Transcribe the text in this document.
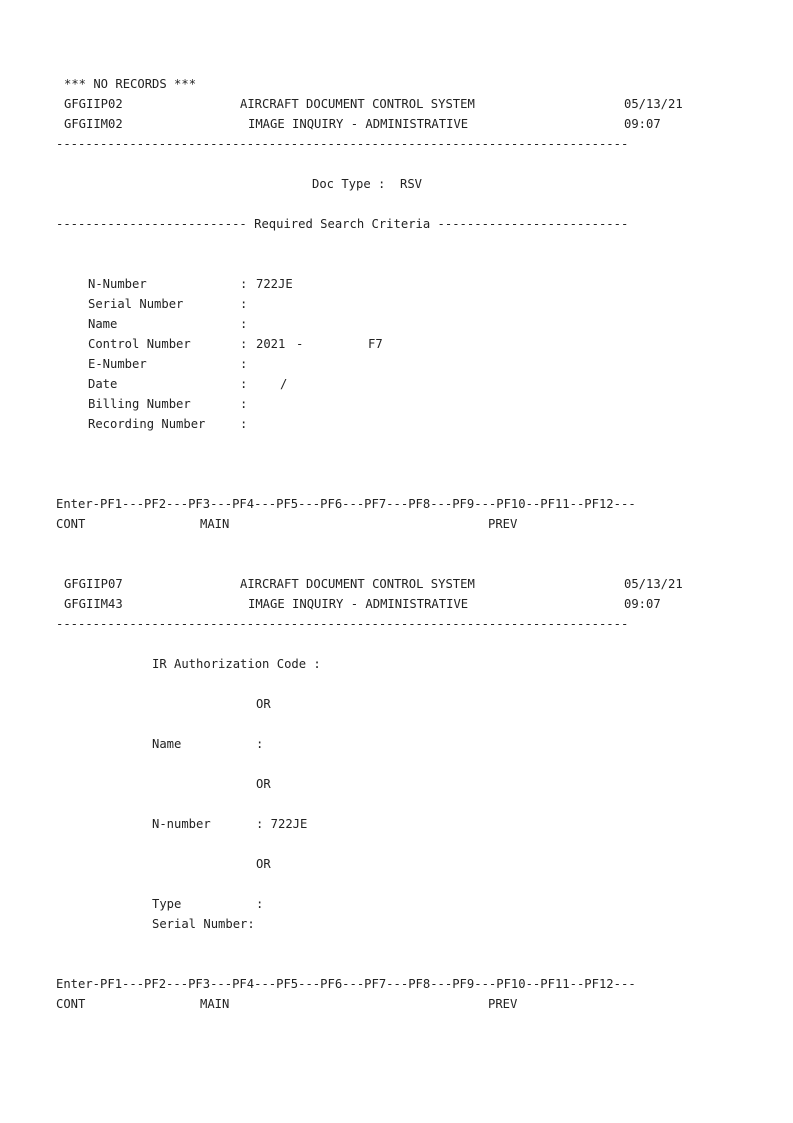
*** NO RECORDS ***
GFGIIP02	AIRCRAFT DOCUMENT CONTROL SYSTEM	05/13/21
GFGIIM02	IMAGE INQUIRY - ADMINISTRATIVE	09:07
------------------------------------------------------------------------------
Doc Type : RSV
-------------------------- Required Search Criteria --------------------------
N-Number	: 722JE
Serial Number	:
Name	:
Control Number	: 2021 -	F7
E-Number	:
Date	:	/
Billing Number	:
Recording Number	:
Enter-PF1---PF2---PF3---PF4---PF5---PF6---PF7---PF8---PF9---PF10--PF11--PF12---
CONT	MAIN	PREV
GFGIIP07	AIRCRAFT DOCUMENT CONTROL SYSTEM	05/13/21
GFGIIM43	IMAGE INQUIRY - ADMINISTRATIVE	09:07
------------------------------------------------------------------------------
IR Authorization Code :
OR
Name	:
OR
N-number	: 722JE
OR
Type	:
Serial Number:
Enter-PF1---PF2---PF3---PF4---PF5---PF6---PF7---PF8---PF9---PF10--PF11--PF12---
CONT	MAIN	PREV
